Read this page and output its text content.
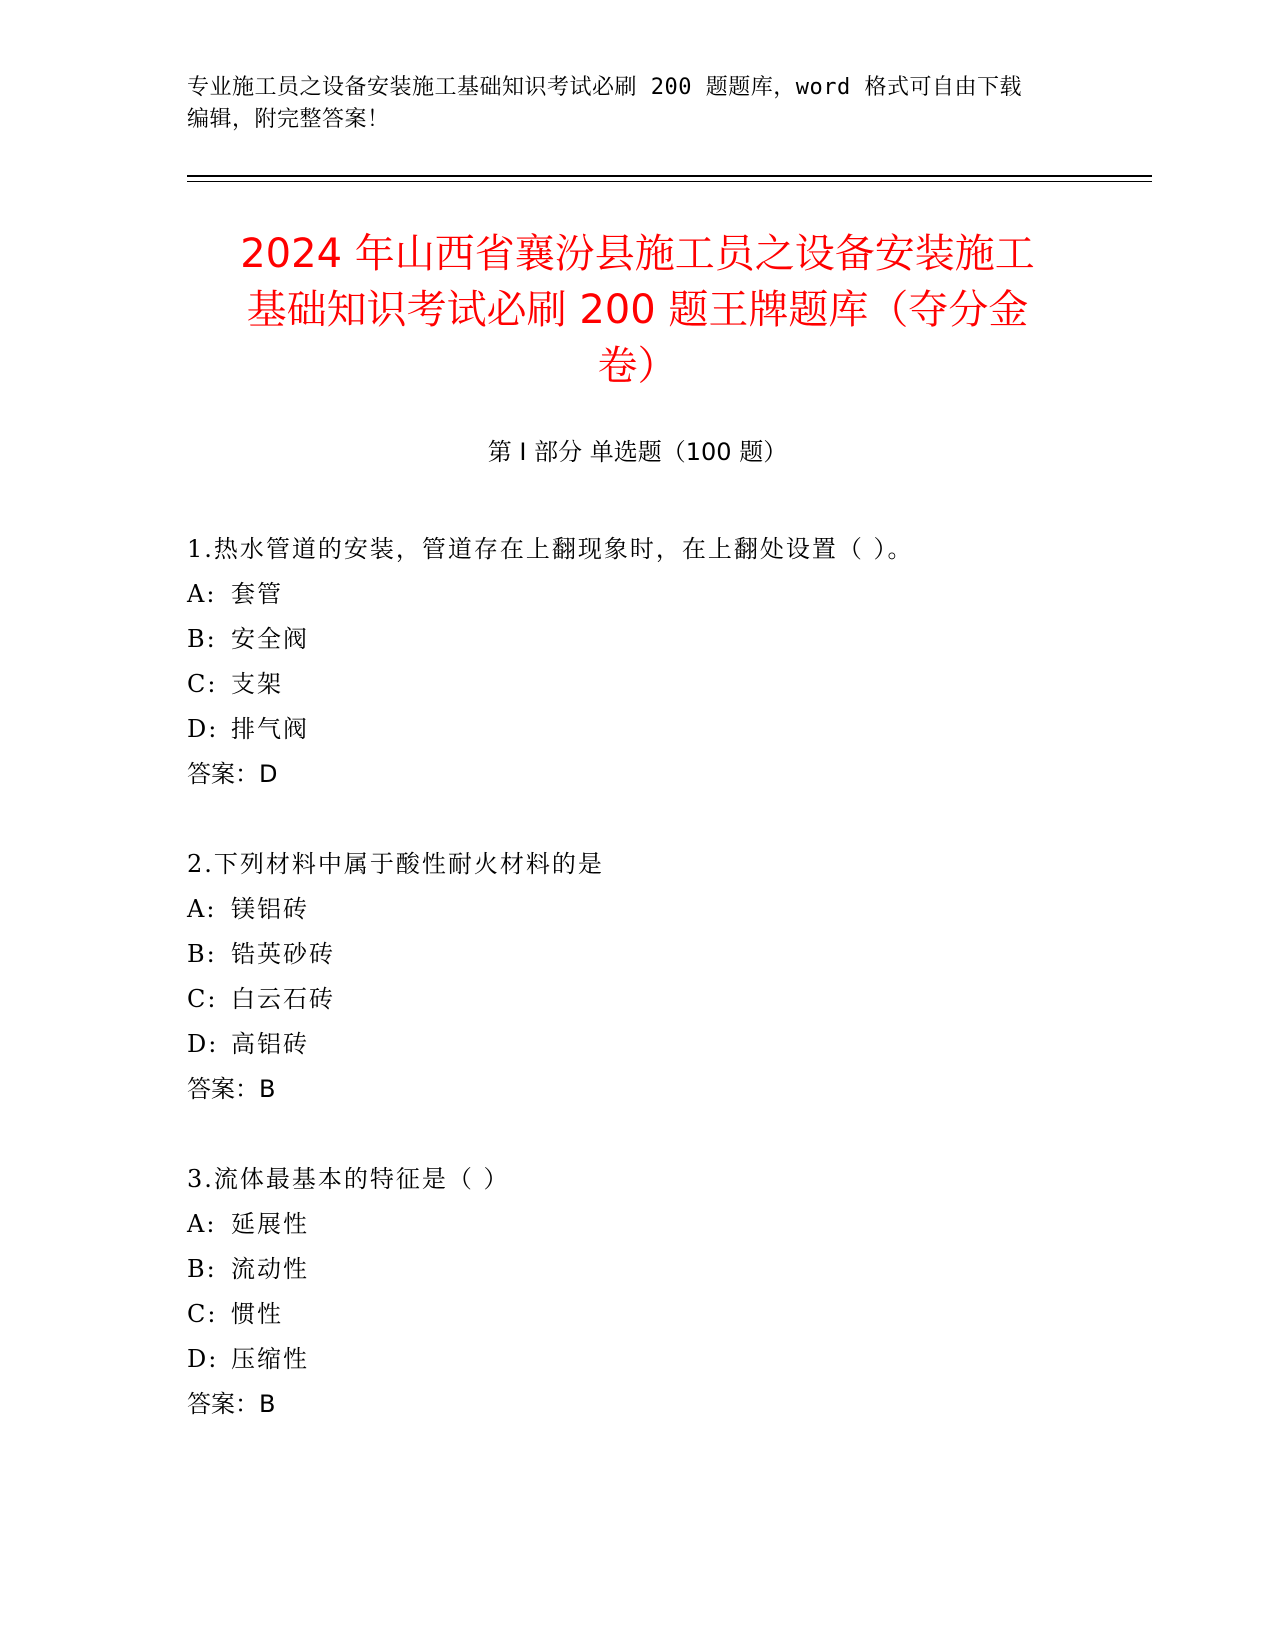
专业施工员之设备安装施工基础知识考试必刷 200 题题库，word 格式可自由下载
编辑，附完整答案！
2024 年山西省襄汾县施工员之设备安装施工
基础知识考试必刷 200 题王牌题库（夺分金
卷）
第 I 部分 单选题（100 题）
1.热水管道的安装，管道存在上翻现象时，在上翻处设置（ ）。
A: 套管
B: 安全阀
C: 支架
D: 排气阀
答案：D
2.下列材料中属于酸性耐火材料的是
A: 镁铝砖
B: 锆英砂砖
C: 白云石砖
D: 高铝砖
答案：B
3.流体最基本的特征是（ ）
A: 延展性
B: 流动性
C: 惯性
D: 压缩性
答案：B
